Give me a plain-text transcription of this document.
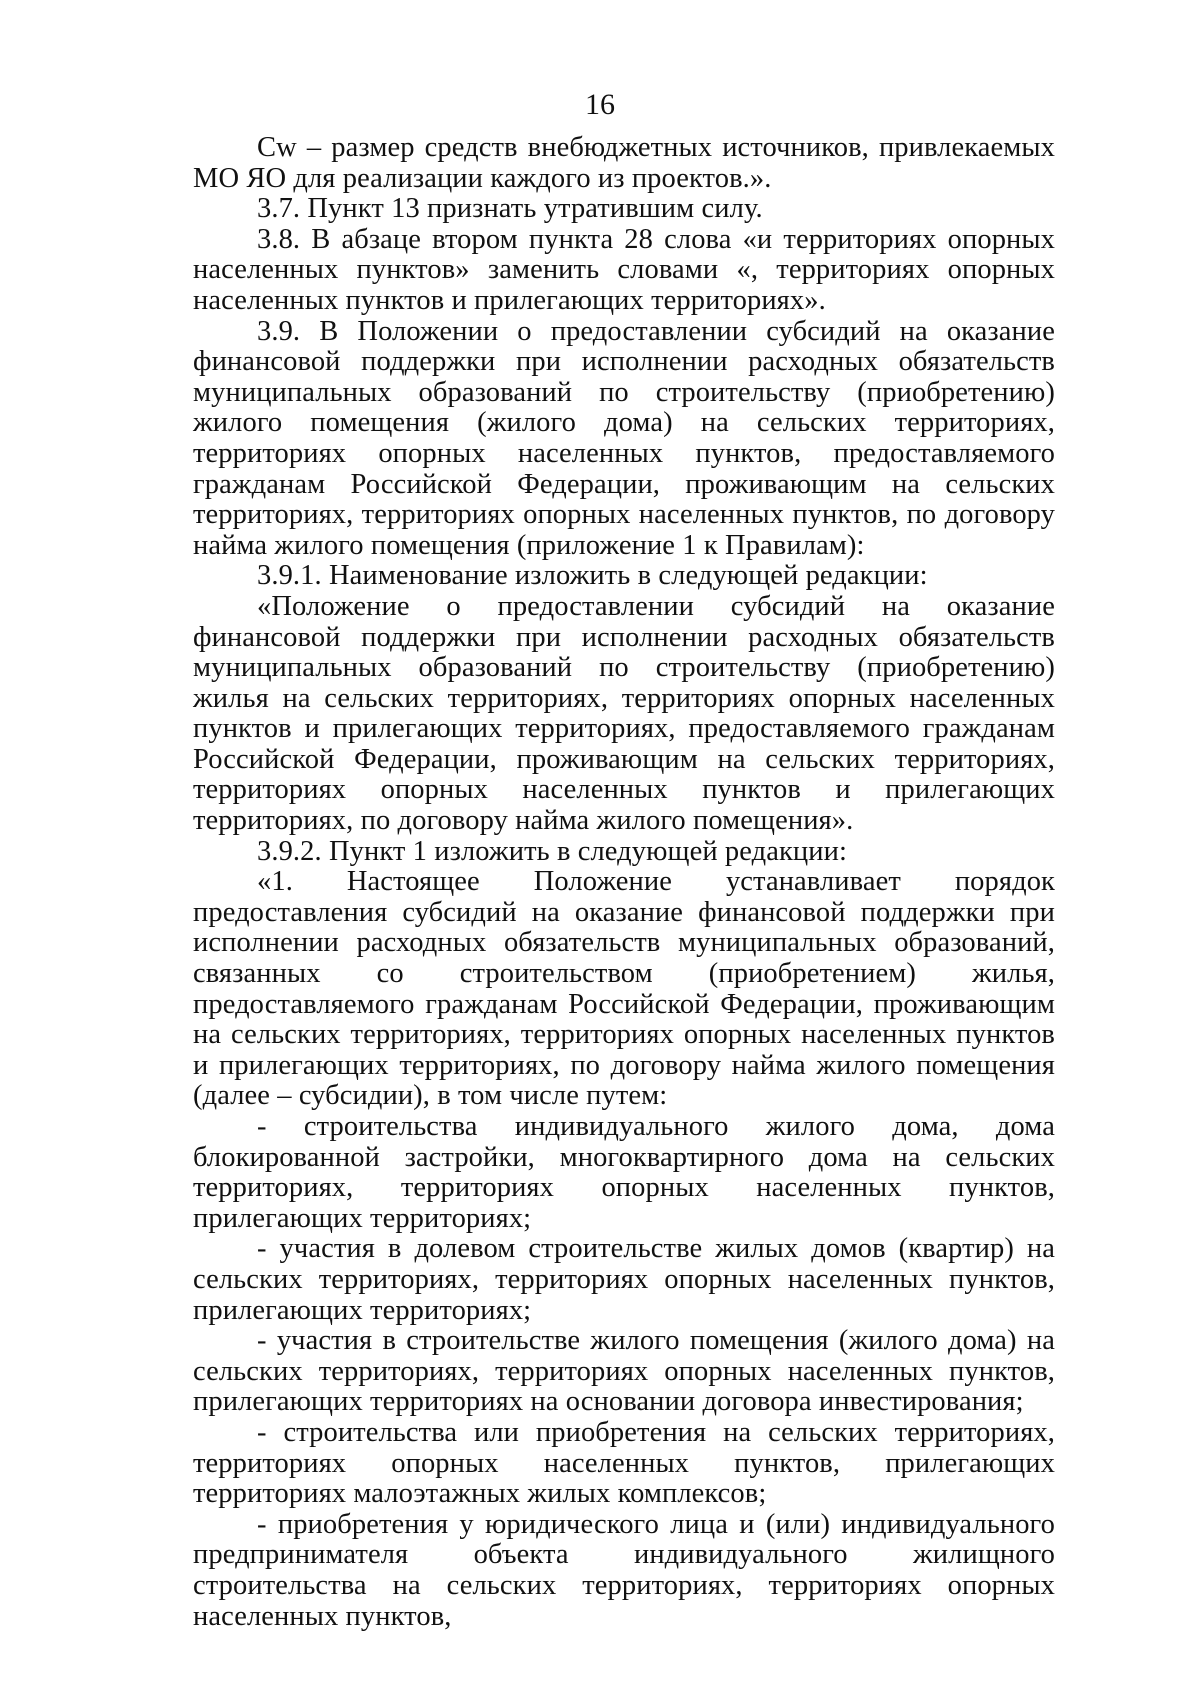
16

Cw – размер средств внебюджетных источников, привлекаемых МО ЯО для реализации каждого из проектов.».

3.7. Пункт 13 признать утратившим силу.

3.8. В абзаце втором пункта 28 слова «и территориях опорных населенных пунктов» заменить словами «, территориях опорных населенных пунктов и прилегающих территориях».

3.9. В Положении о предоставлении субсидий на оказание финансовой поддержки при исполнении расходных обязательств муниципальных образований по строительству (приобретению) жилого помещения (жилого дома) на сельских территориях, территориях опорных населенных пунктов, предоставляемого гражданам Российской Федерации, проживающим на сельских территориях, территориях опорных населенных пунктов, по договору найма жилого помещения (приложение 1 к Правилам):

3.9.1. Наименование изложить в следующей редакции:

«Положение о предоставлении субсидий на оказание финансовой поддержки при исполнении расходных обязательств муниципальных образований по строительству (приобретению) жилья на сельских территориях, территориях опорных населенных пунктов и прилегающих территориях, предоставляемого гражданам Российской Федерации, проживающим на сельских территориях, территориях опорных населенных пунктов и прилегающих территориях, по договору найма жилого помещения».

3.9.2. Пункт 1 изложить в следующей редакции:

«1. Настоящее Положение устанавливает порядок предоставления субсидий на оказание финансовой поддержки при исполнении расходных обязательств муниципальных образований, связанных со строительством (приобретением) жилья, предоставляемого гражданам Российской Федерации, проживающим на сельских территориях, территориях опорных населенных пунктов и прилегающих территориях, по договору найма жилого помещения (далее – субсидии), в том числе путем:

- строительства индивидуального жилого дома, дома блокированной застройки, многоквартирного дома на сельских территориях, территориях опорных населенных пунктов, прилегающих территориях;

- участия в долевом строительстве жилых домов (квартир) на сельских территориях, территориях опорных населенных пунктов, прилегающих территориях;

- участия в строительстве жилого помещения (жилого дома) на сельских территориях, территориях опорных населенных пунктов, прилегающих территориях на основании договора инвестирования;

- строительства или приобретения на сельских территориях, территориях опорных населенных пунктов, прилегающих территориях малоэтажных жилых комплексов;

- приобретения у юридического лица и (или) индивидуального предпринимателя объекта индивидуального жилищного строительства на сельских территориях, территориях опорных населенных пунктов,
